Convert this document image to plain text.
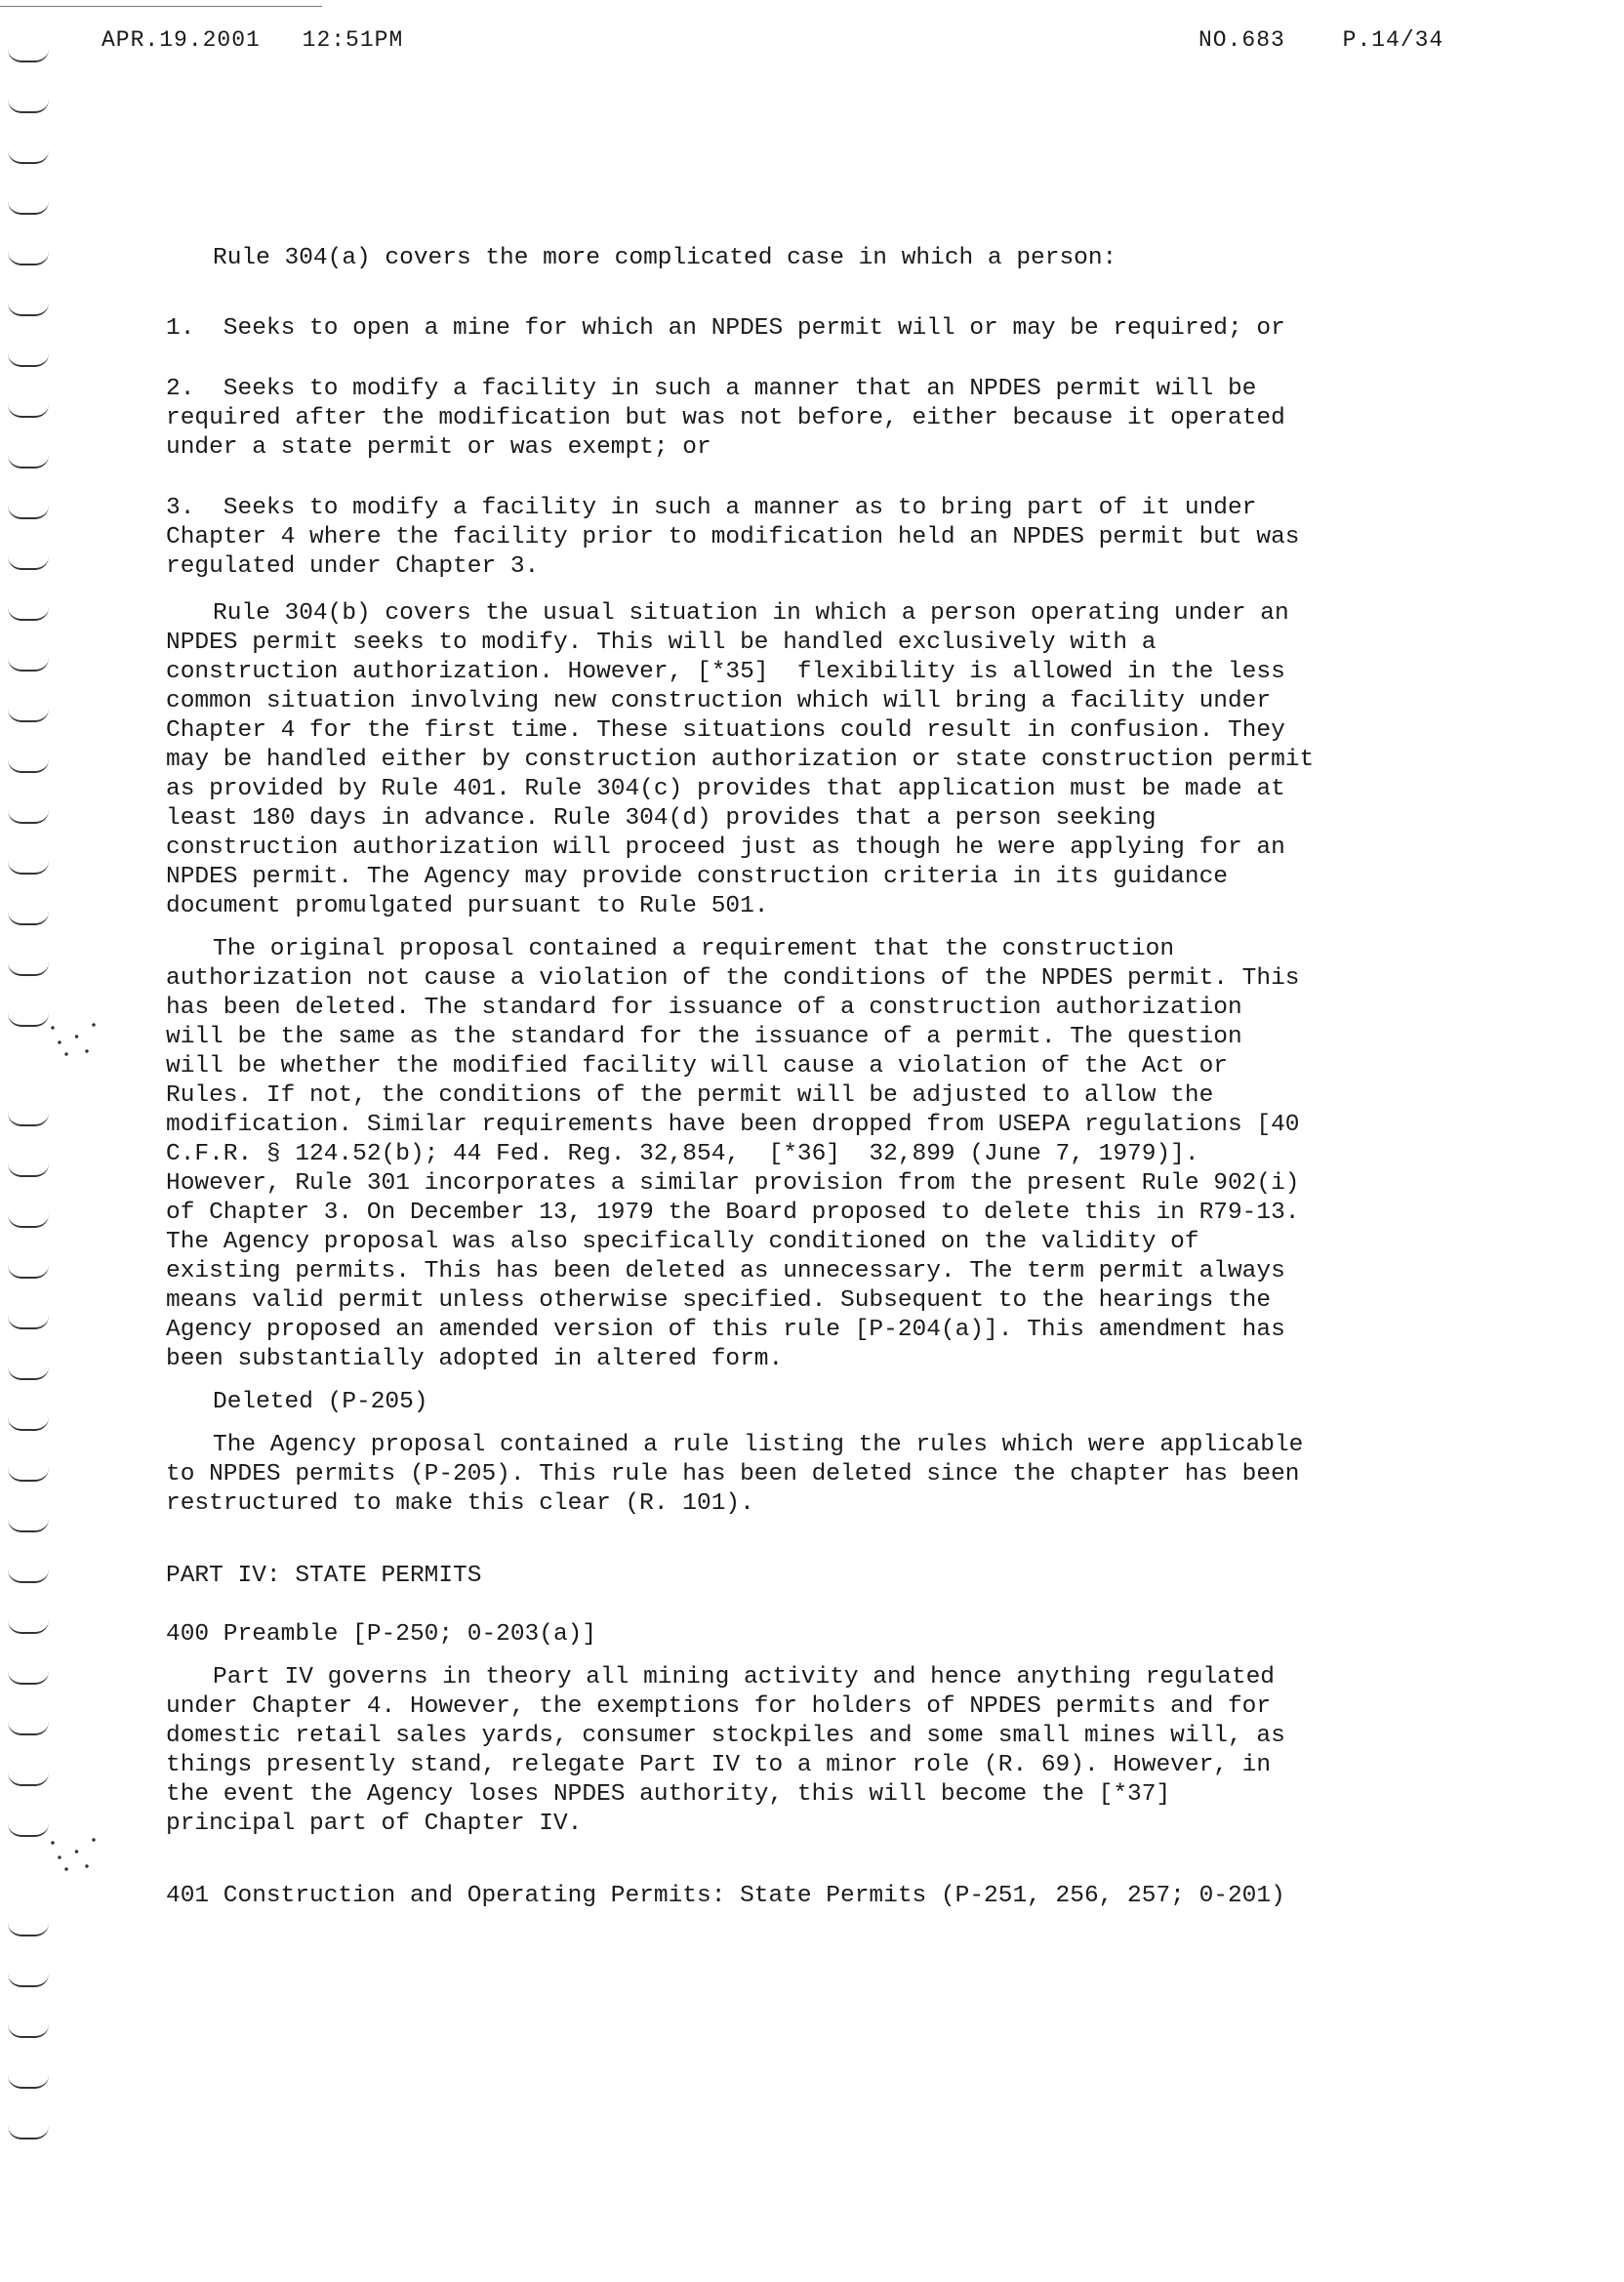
APR.19.2001 12:51PM	NO.683	P.14/34

Rule 304(a) covers the more complicated case in which a person:

1.  Seeks to open a mine for which an NPDES permit will or may be required; or

2.  Seeks to modify a facility in such a manner that an NPDES permit will be
required after the modification but was not before, either because it operated
under a state permit or was exempt; or

3.  Seeks to modify a facility in such a manner as to bring part of it under
Chapter 4 where the facility prior to modification held an NPDES permit but was
regulated under Chapter 3.

Rule 304(b) covers the usual situation in which a person operating under an
NPDES permit seeks to modify. This will be handled exclusively with a
construction authorization. However, [*35]  flexibility is allowed in the less
common situation involving new construction which will bring a facility under
Chapter 4 for the first time. These situations could result in confusion. They
may be handled either by construction authorization or state construction permit
as provided by Rule 401. Rule 304(c) provides that application must be made at
least 180 days in advance. Rule 304(d) provides that a person seeking
construction authorization will proceed just as though he were applying for an
NPDES permit. The Agency may provide construction criteria in its guidance
document promulgated pursuant to Rule 501.

The original proposal contained a requirement that the construction
authorization not cause a violation of the conditions of the NPDES permit. This
has been deleted. The standard for issuance of a construction authorization
will be the same as the standard for the issuance of a permit. The question
will be whether the modified facility will cause a violation of the Act or
Rules. If not, the conditions of the permit will be adjusted to allow the
modification. Similar requirements have been dropped from USEPA regulations [40
C.F.R. § 124.52(b); 44 Fed. Reg. 32,854,  [*36]  32,899 (June 7, 1979)].
However, Rule 301 incorporates a similar provision from the present Rule 902(i)
of Chapter 3. On December 13, 1979 the Board proposed to delete this in R79-13.
The Agency proposal was also specifically conditioned on the validity of
existing permits. This has been deleted as unnecessary. The term permit always
means valid permit unless otherwise specified. Subsequent to the hearings the
Agency proposed an amended version of this rule [P-204(a)]. This amendment has
been substantially adopted in altered form.

Deleted (P-205)

The Agency proposal contained a rule listing the rules which were applicable
to NPDES permits (P-205). This rule has been deleted since the chapter has been
restructured to make this clear (R. 101).

PART IV: STATE PERMITS

400 Preamble [P-250; 0-203(a)]

Part IV governs in theory all mining activity and hence anything regulated
under Chapter 4. However, the exemptions for holders of NPDES permits and for
domestic retail sales yards, consumer stockpiles and some small mines will, as
things presently stand, relegate Part IV to a minor role (R. 69). However, in
the event the Agency loses NPDES authority, this will become the [*37]
principal part of Chapter IV.

401 Construction and Operating Permits: State Permits (P-251, 256, 257; 0-201)
